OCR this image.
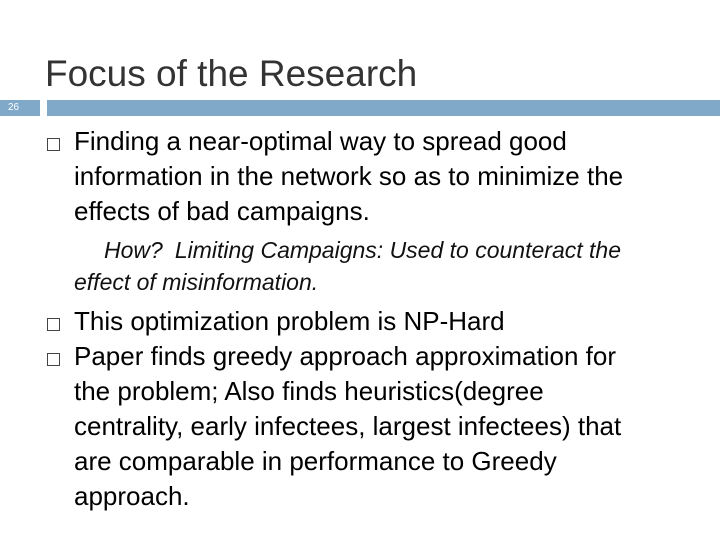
Focus of the Research
26
Finding a near-optimal way to spread good
information in the network so as to minimize the
effects of bad campaigns.
How? Limiting Campaigns: Used to counteract the
effect of misinformation.
This optimization problem is NP-Hard
Paper finds greedy approach approximation for
the problem; Also finds heuristics(degree
centrality, early infectees, largest infectees) that
are comparable in performance to Greedy
approach.
